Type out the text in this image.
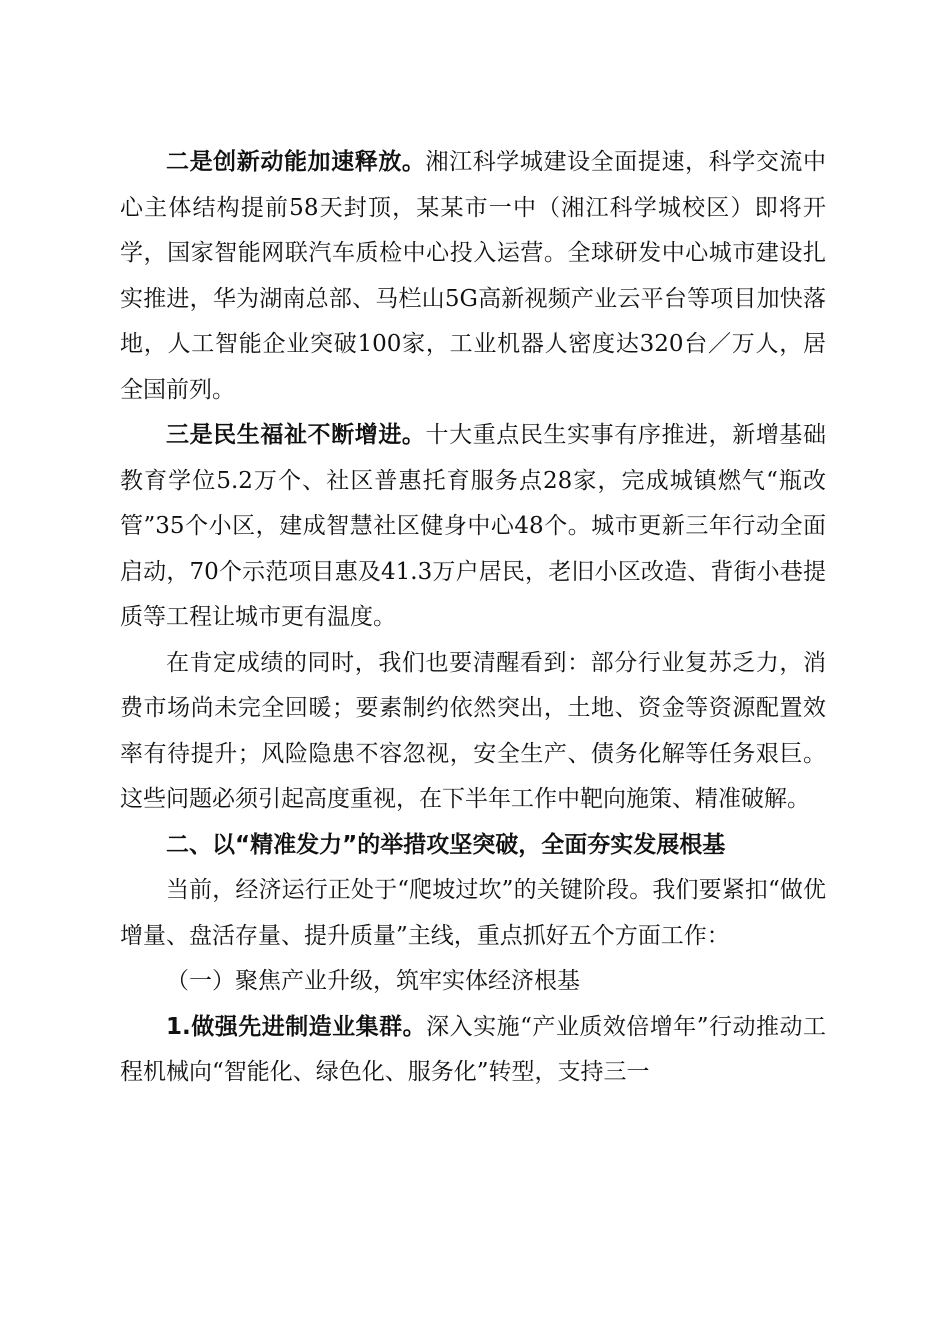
二是创新动能加速释放。湘江科学城建设全面提速，科学交流中心主体结构提前58天封顶，某某市一中（湘江科学城校区）即将开学，国家智能网联汽车质检中心投入运营。全球研发中心城市建设扎实推进，华为湖南总部、马栏山5G高新视频产业云平台等项目加快落地，人工智能企业突破100家，工业机器人密度达320台／万人，居全国前列。

三是民生福祉不断增进。十大重点民生实事有序推进，新增基础教育学位5.2万个、社区普惠托育服务点28家，完成城镇燃气“瓶改管”35个小区，建成智慧社区健身中心48个。城市更新三年行动全面启动，70个示范项目惠及41.3万户居民，老旧小区改造、背街小巷提质等工程让城市更有温度。

在肯定成绩的同时，我们也要清醒看到：部分行业复苏乏力，消费市场尚未完全回暖；要素制约依然突出，土地、资金等资源配置效率有待提升；风险隐患不容忽视，安全生产、债务化解等任务艰巨。这些问题必须引起高度重视，在下半年工作中靶向施策、精准破解。

二、以“精准发力”的举措攻坚突破，全面夯实发展根基

当前，经济运行正处于“爬坡过坎”的关键阶段。我们要紧扣“做优增量、盘活存量、提升质量”主线，重点抓好五个方面工作：

（一）聚焦产业升级，筑牢实体经济根基

1.做强先进制造业集群。深入实施“产业质效倍增年”行动推动工程机械向“智能化、绿色化、服务化”转型，支持三一
